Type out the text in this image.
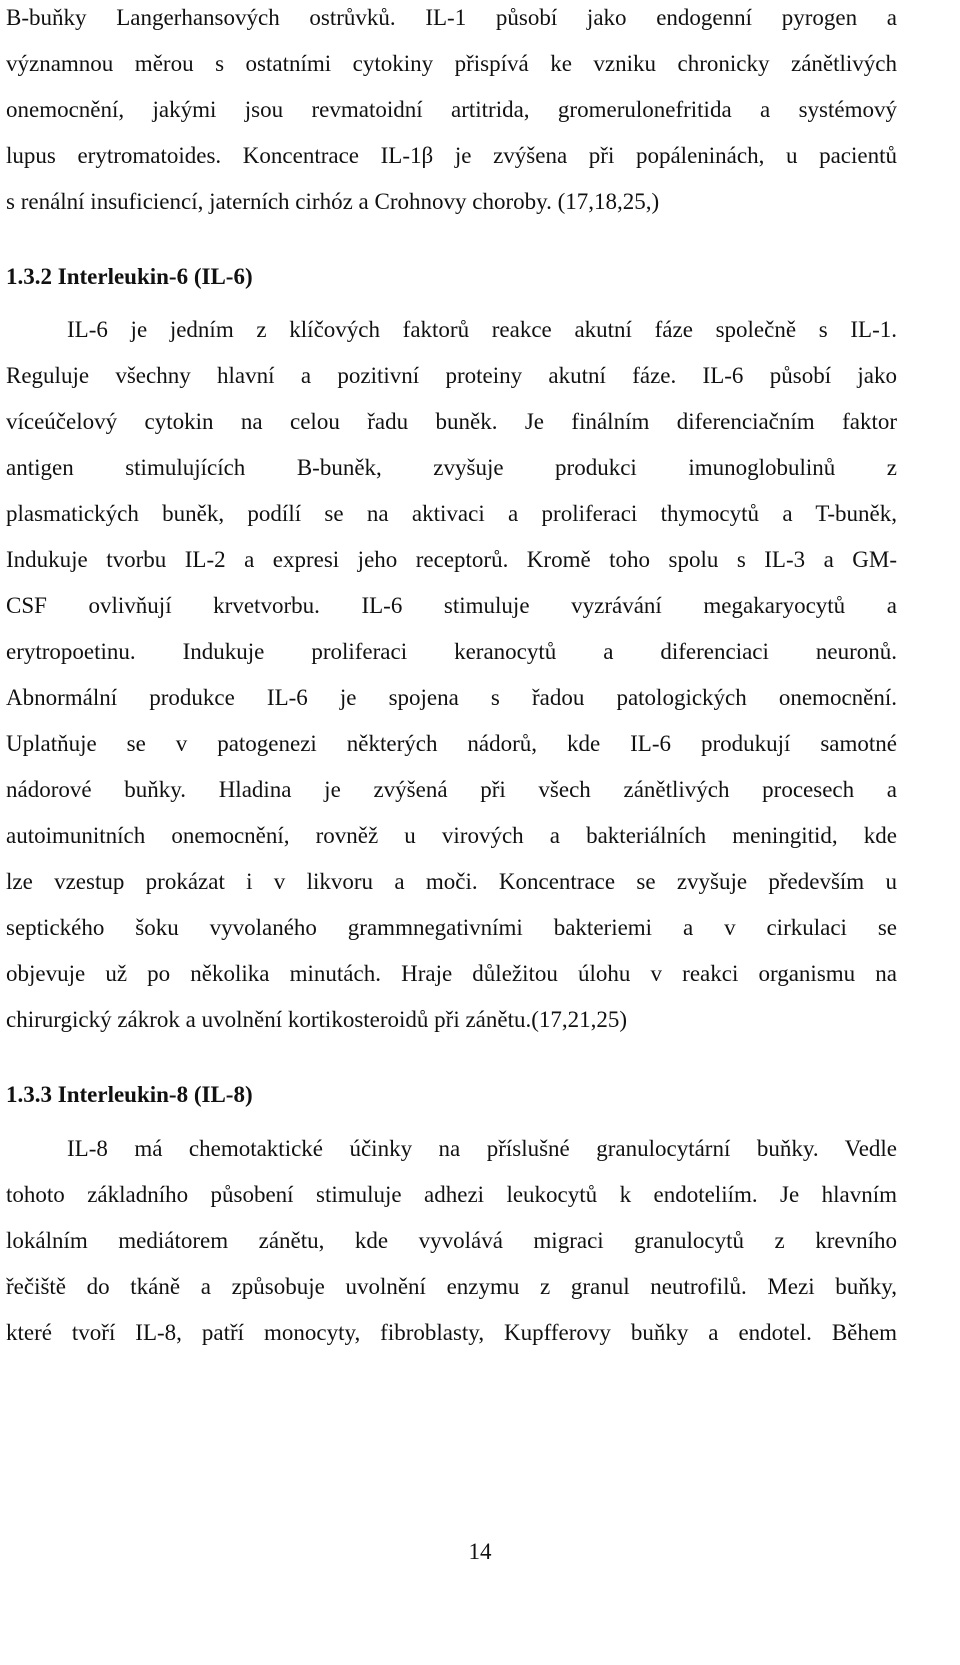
B-buňky Langerhansových ostrůvků. IL-1 působí jako endogenní pyrogen a

významnou měrou s ostatními cytokiny přispívá ke vzniku chronicky zánětlivých

onemocnění, jakými jsou revmatoidní artitrida, gromerulonefritida a systémový

lupus erytromatoides. Koncentrace IL-1β je zvýšena při popáleninách, u pacientů

s renální insuficiencí, jaterních cirhóz a Crohnovy choroby. (17,18,25,)

1.3.2 Interleukin-6 (IL-6)

IL-6 je jedním z klíčových faktorů reakce akutní fáze společně s IL-1.

Reguluje všechny hlavní a pozitivní proteiny akutní fáze. IL-6 působí jako

víceúčelový cytokin na celou řadu buněk. Je finálním diferenciačním faktor

antigen stimulujících B-buněk, zvyšuje produkci imunoglobulinů z

plasmatických buněk, podílí se na aktivaci a proliferaci thymocytů a T-buněk,

Indukuje tvorbu IL-2 a expresi jeho receptorů. Kromě toho spolu s IL-3 a GM-

CSF ovlivňují krvetvorbu. IL-6 stimuluje vyzrávání megakaryocytů a

erytropoetinu. Indukuje proliferaci keranocytů a diferenciaci neuronů.

Abnormální produkce IL-6 je spojena s řadou patologických onemocnění.

Uplatňuje se v patogenezi některých nádorů, kde IL-6 produkují samotné

nádorové buňky. Hladina je zvýšená při všech zánětlivých procesech a

autoimunitních onemocnění, rovněž u virových a bakteriálních meningitid, kde

lze vzestup prokázat i v likvoru a moči. Koncentrace se zvyšuje především u

septického šoku vyvolaného grammnegativními bakteriemi a v cirkulaci se

objevuje už po několika minutách. Hraje důležitou úlohu v reakci organismu na

chirurgický zákrok a uvolnění kortikosteroidů při zánětu.(17,21,25)

1.3.3 Interleukin-8 (IL-8)

IL-8 má chemotaktické účinky na příslušné granulocytární buňky. Vedle

tohoto základního působení stimuluje adhezi leukocytů k endoteliím. Je hlavním

lokálním mediátorem zánětu, kde vyvolává migraci granulocytů z krevního

řečiště do tkáně a způsobuje uvolnění enzymu z granul neutrofilů. Mezi buňky,

které tvoří IL-8, patří monocyty, fibroblasty, Kupfferovy buňky a endotel. Během

14
